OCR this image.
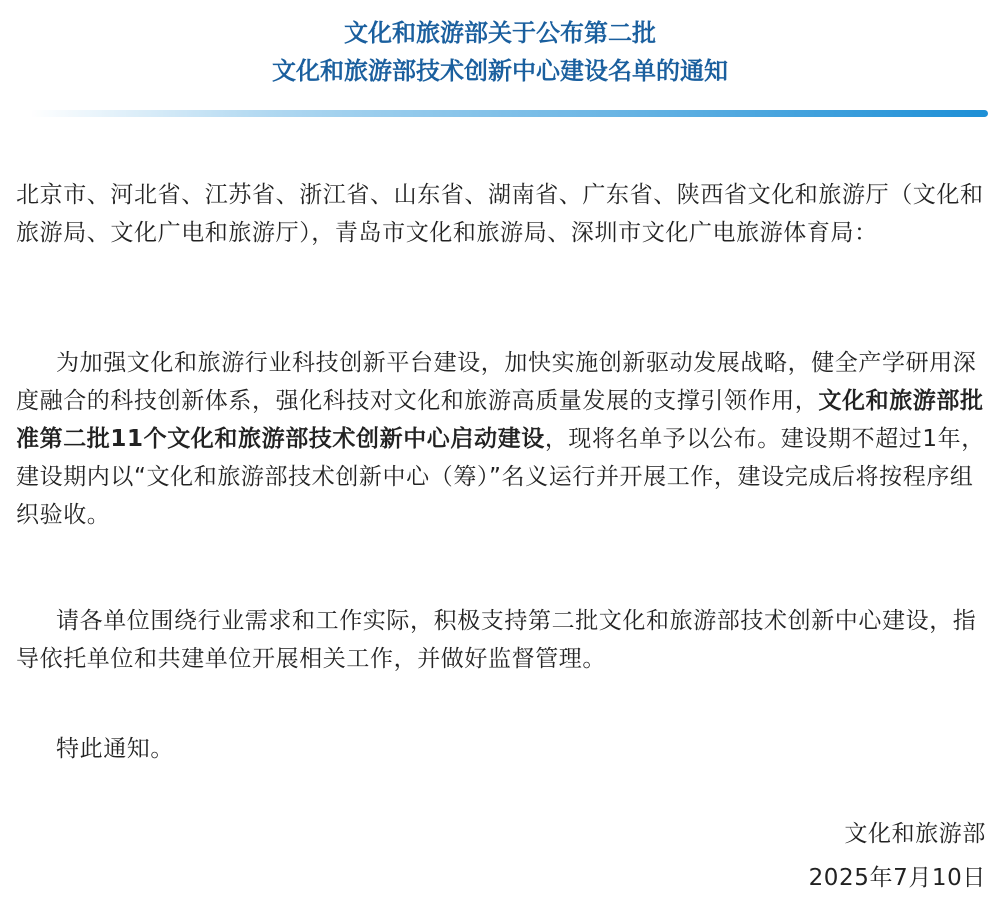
文化和旅游部关于公布第二批
文化和旅游部技术创新中心建设名单的通知

北京市、河北省、江苏省、浙江省、山东省、湖南省、广东省、陕西省文化和旅游厅（文化和旅游局、文化广电和旅游厅），青岛市文化和旅游局、深圳市文化广电旅游体育局：

为加强文化和旅游行业科技创新平台建设，加快实施创新驱动发展战略，健全产学研用深度融合的科技创新体系，强化科技对文化和旅游高质量发展的支撑引领作用，文化和旅游部批准第二批11个文化和旅游部技术创新中心启动建设，现将名单予以公布。建设期不超过1年，建设期内以“文化和旅游部技术创新中心（筹）”名义运行并开展工作，建设完成后将按程序组织验收。

请各单位围绕行业需求和工作实际，积极支持第二批文化和旅游部技术创新中心建设，指导依托单位和共建单位开展相关工作，并做好监督管理。

特此通知。

文化和旅游部
2025年7月10日
